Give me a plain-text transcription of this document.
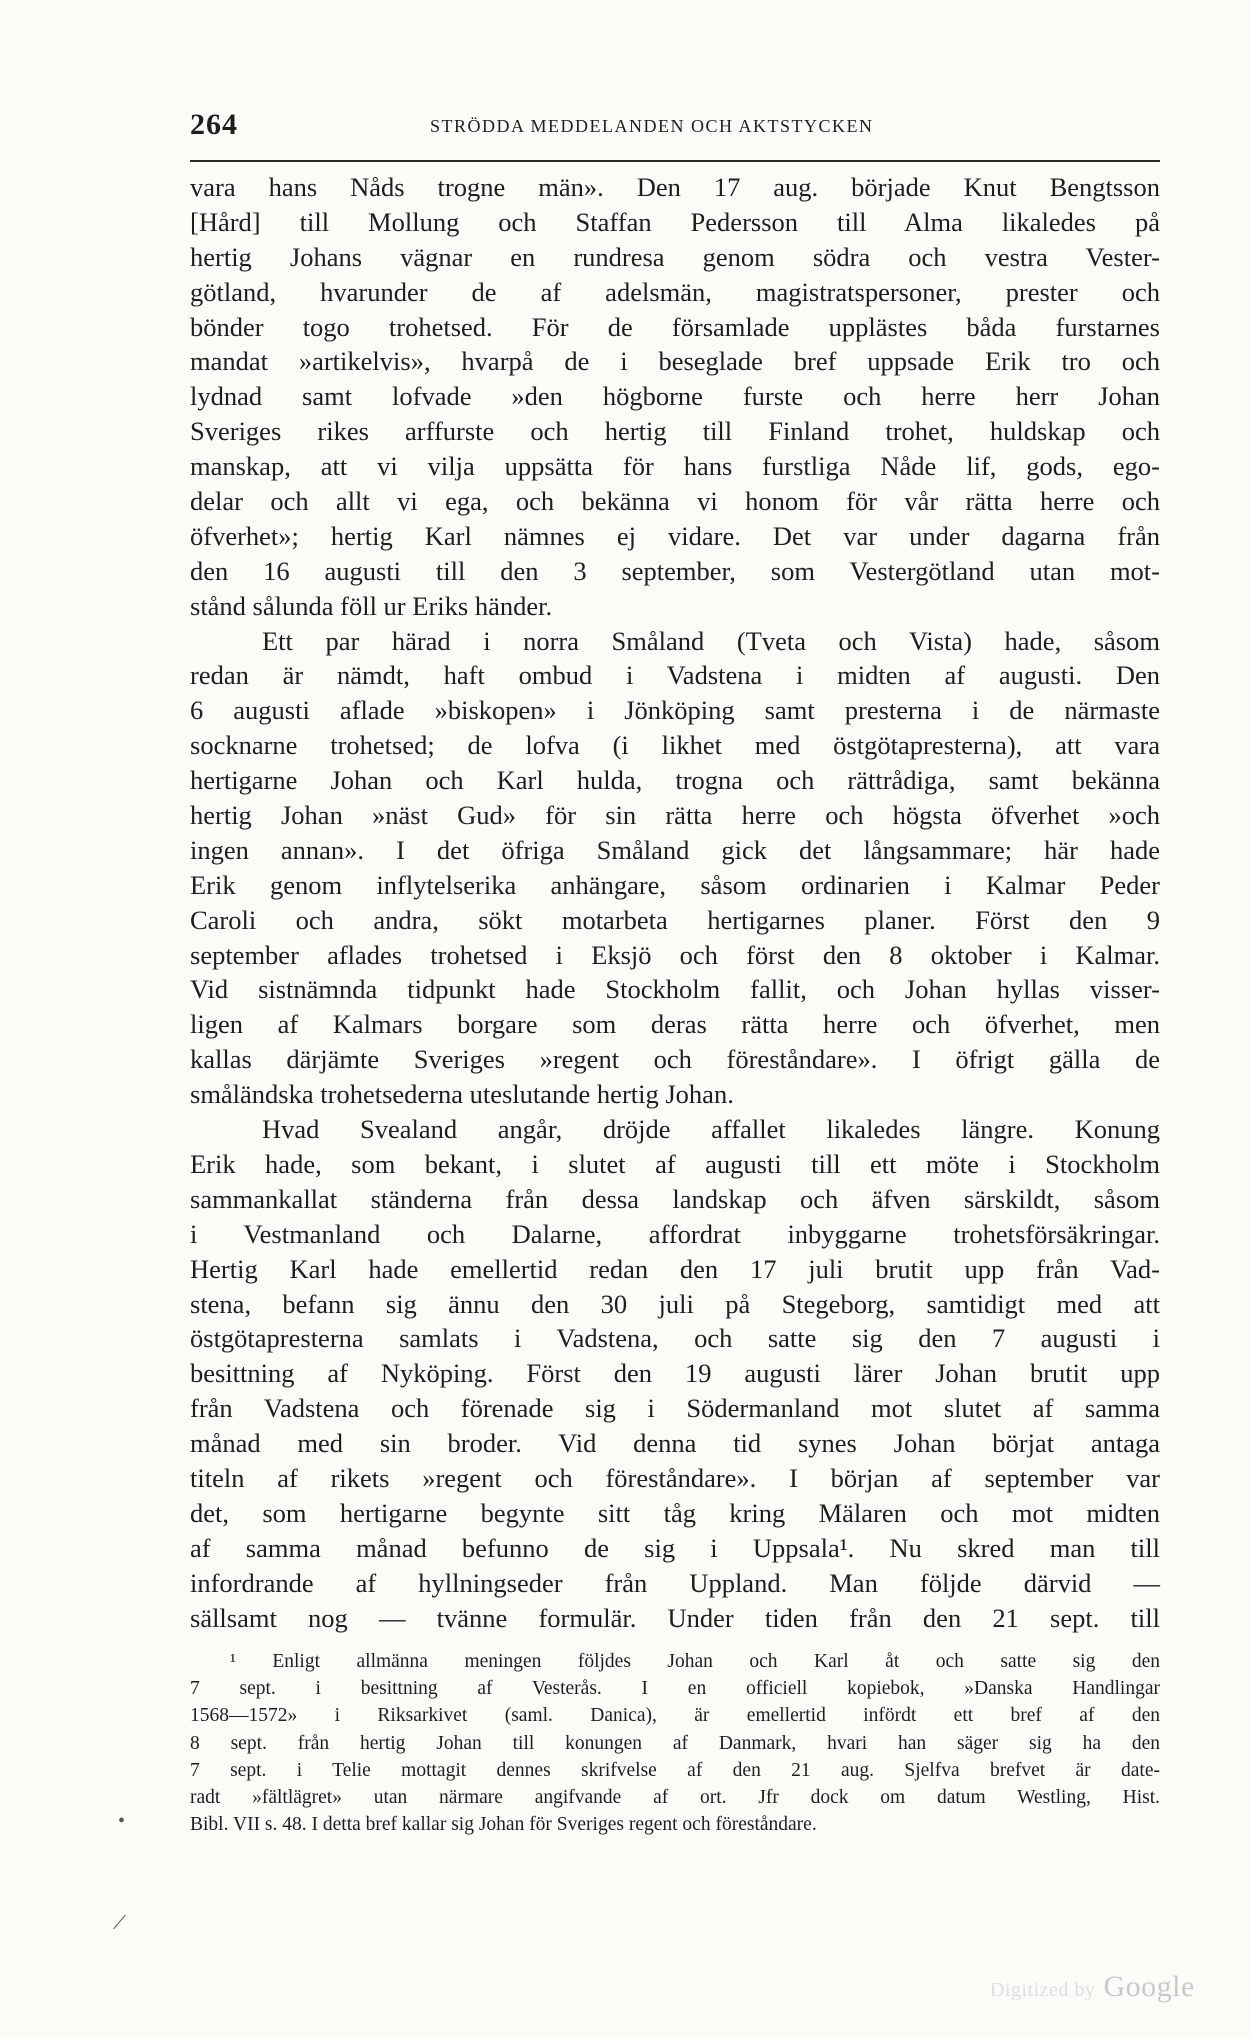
264	STRÖDDA MEDDELANDEN OCH AKTSTYCKEN
vara hans Nåds trogne män». Den 17 aug. började Knut Bengtsson
[Hård] till Mollung och Staffan Pedersson till Alma likaledes på
hertig Johans vägnar en rundresa genom södra och vestra Vester-
götland, hvarunder de af adelsmän, magistratspersoner, prester och
bönder togo trohetsed. För de församlade upplästes båda furstarnes
mandat »artikelvis», hvarpå de i beseglade bref uppsade Erik tro och
lydnad samt lofvade »den högborne furste och herre herr Johan
Sveriges rikes arffurste och hertig till Finland trohet, huldskap och
manskap, att vi vilja uppsätta för hans furstliga Nåde lif, gods, ego-
delar och allt vi ega, och bekänna vi honom för vår rätta herre och
öfverhet»; hertig Karl nämnes ej vidare. Det var under dagarna från
den 16 augusti till den 3 september, som Vestergötland utan mot-
stånd sålunda föll ur Eriks händer.
Ett par härad i norra Småland (Tveta och Vista) hade, såsom
redan är nämdt, haft ombud i Vadstena i midten af augusti. Den
6 augusti aflade »biskopen» i Jönköping samt presterna i de närmaste
socknarne trohetsed; de lofva (i likhet med östgötapresterna), att vara
hertigarne Johan och Karl hulda, trogna och rättrådiga, samt bekänna
hertig Johan »näst Gud» för sin rätta herre och högsta öfverhet »och
ingen annan». I det öfriga Småland gick det långsammare; här hade
Erik genom inflytelserika anhängare, såsom ordinarien i Kalmar Peder
Caroli och andra, sökt motarbeta hertigarnes planer. Först den 9
september aflades trohetsed i Eksjö och först den 8 oktober i Kalmar.
Vid sistnämnda tidpunkt hade Stockholm fallit, och Johan hyllas visser-
ligen af Kalmars borgare som deras rätta herre och öfverhet, men
kallas därjämte Sveriges »regent och föreståndare». I öfrigt gälla de
småländska trohetsederna uteslutande hertig Johan.
Hvad Svealand angår, dröjde affallet likaledes längre. Konung
Erik hade, som bekant, i slutet af augusti till ett möte i Stockholm
sammankallat ständerna från dessa landskap och äfven särskildt, såsom
i Vestmanland och Dalarne, affordrat inbyggarne trohetsförsäkringar.
Hertig Karl hade emellertid redan den 17 juli brutit upp från Vad-
stena, befann sig ännu den 30 juli på Stegeborg, samtidigt med att
östgötapresterna samlats i Vadstena, och satte sig den 7 augusti i
besittning af Nyköping. Först den 19 augusti lärer Johan brutit upp
från Vadstena och förenade sig i Södermanland mot slutet af samma
månad med sin broder. Vid denna tid synes Johan börjat antaga
titeln af rikets »regent och föreståndare». I början af september var
det, som hertigarne begynte sitt tåg kring Mälaren och mot midten
af samma månad befunno de sig i Uppsala¹. Nu skred man till
infordrande af hyllningseder från Uppland. Man följde därvid —
sällsamt nog — tvänne formulär. Under tiden från den 21 sept. till
¹ Enligt allmänna meningen följdes Johan och Karl åt och satte sig den
7 sept. i besittning af Vesterås. I en officiell kopiebok, »Danska Handlingar
1568—1572» i Riksarkivet (saml. Danica), är emellertid infördt ett bref af den
8 sept. från hertig Johan till konungen af Danmark, hvari han säger sig ha den
7 sept. i Telie mottagit dennes skrifvelse af den 21 aug. Sjelfva brefvet är date-
radt »fältlägret» utan närmare angifvande af ort. Jfr dock om datum Westling, Hist.
Bibl. VII s. 48. I detta bref kallar sig Johan för Sveriges regent och föreståndare.
•
|
Digitized by Google
